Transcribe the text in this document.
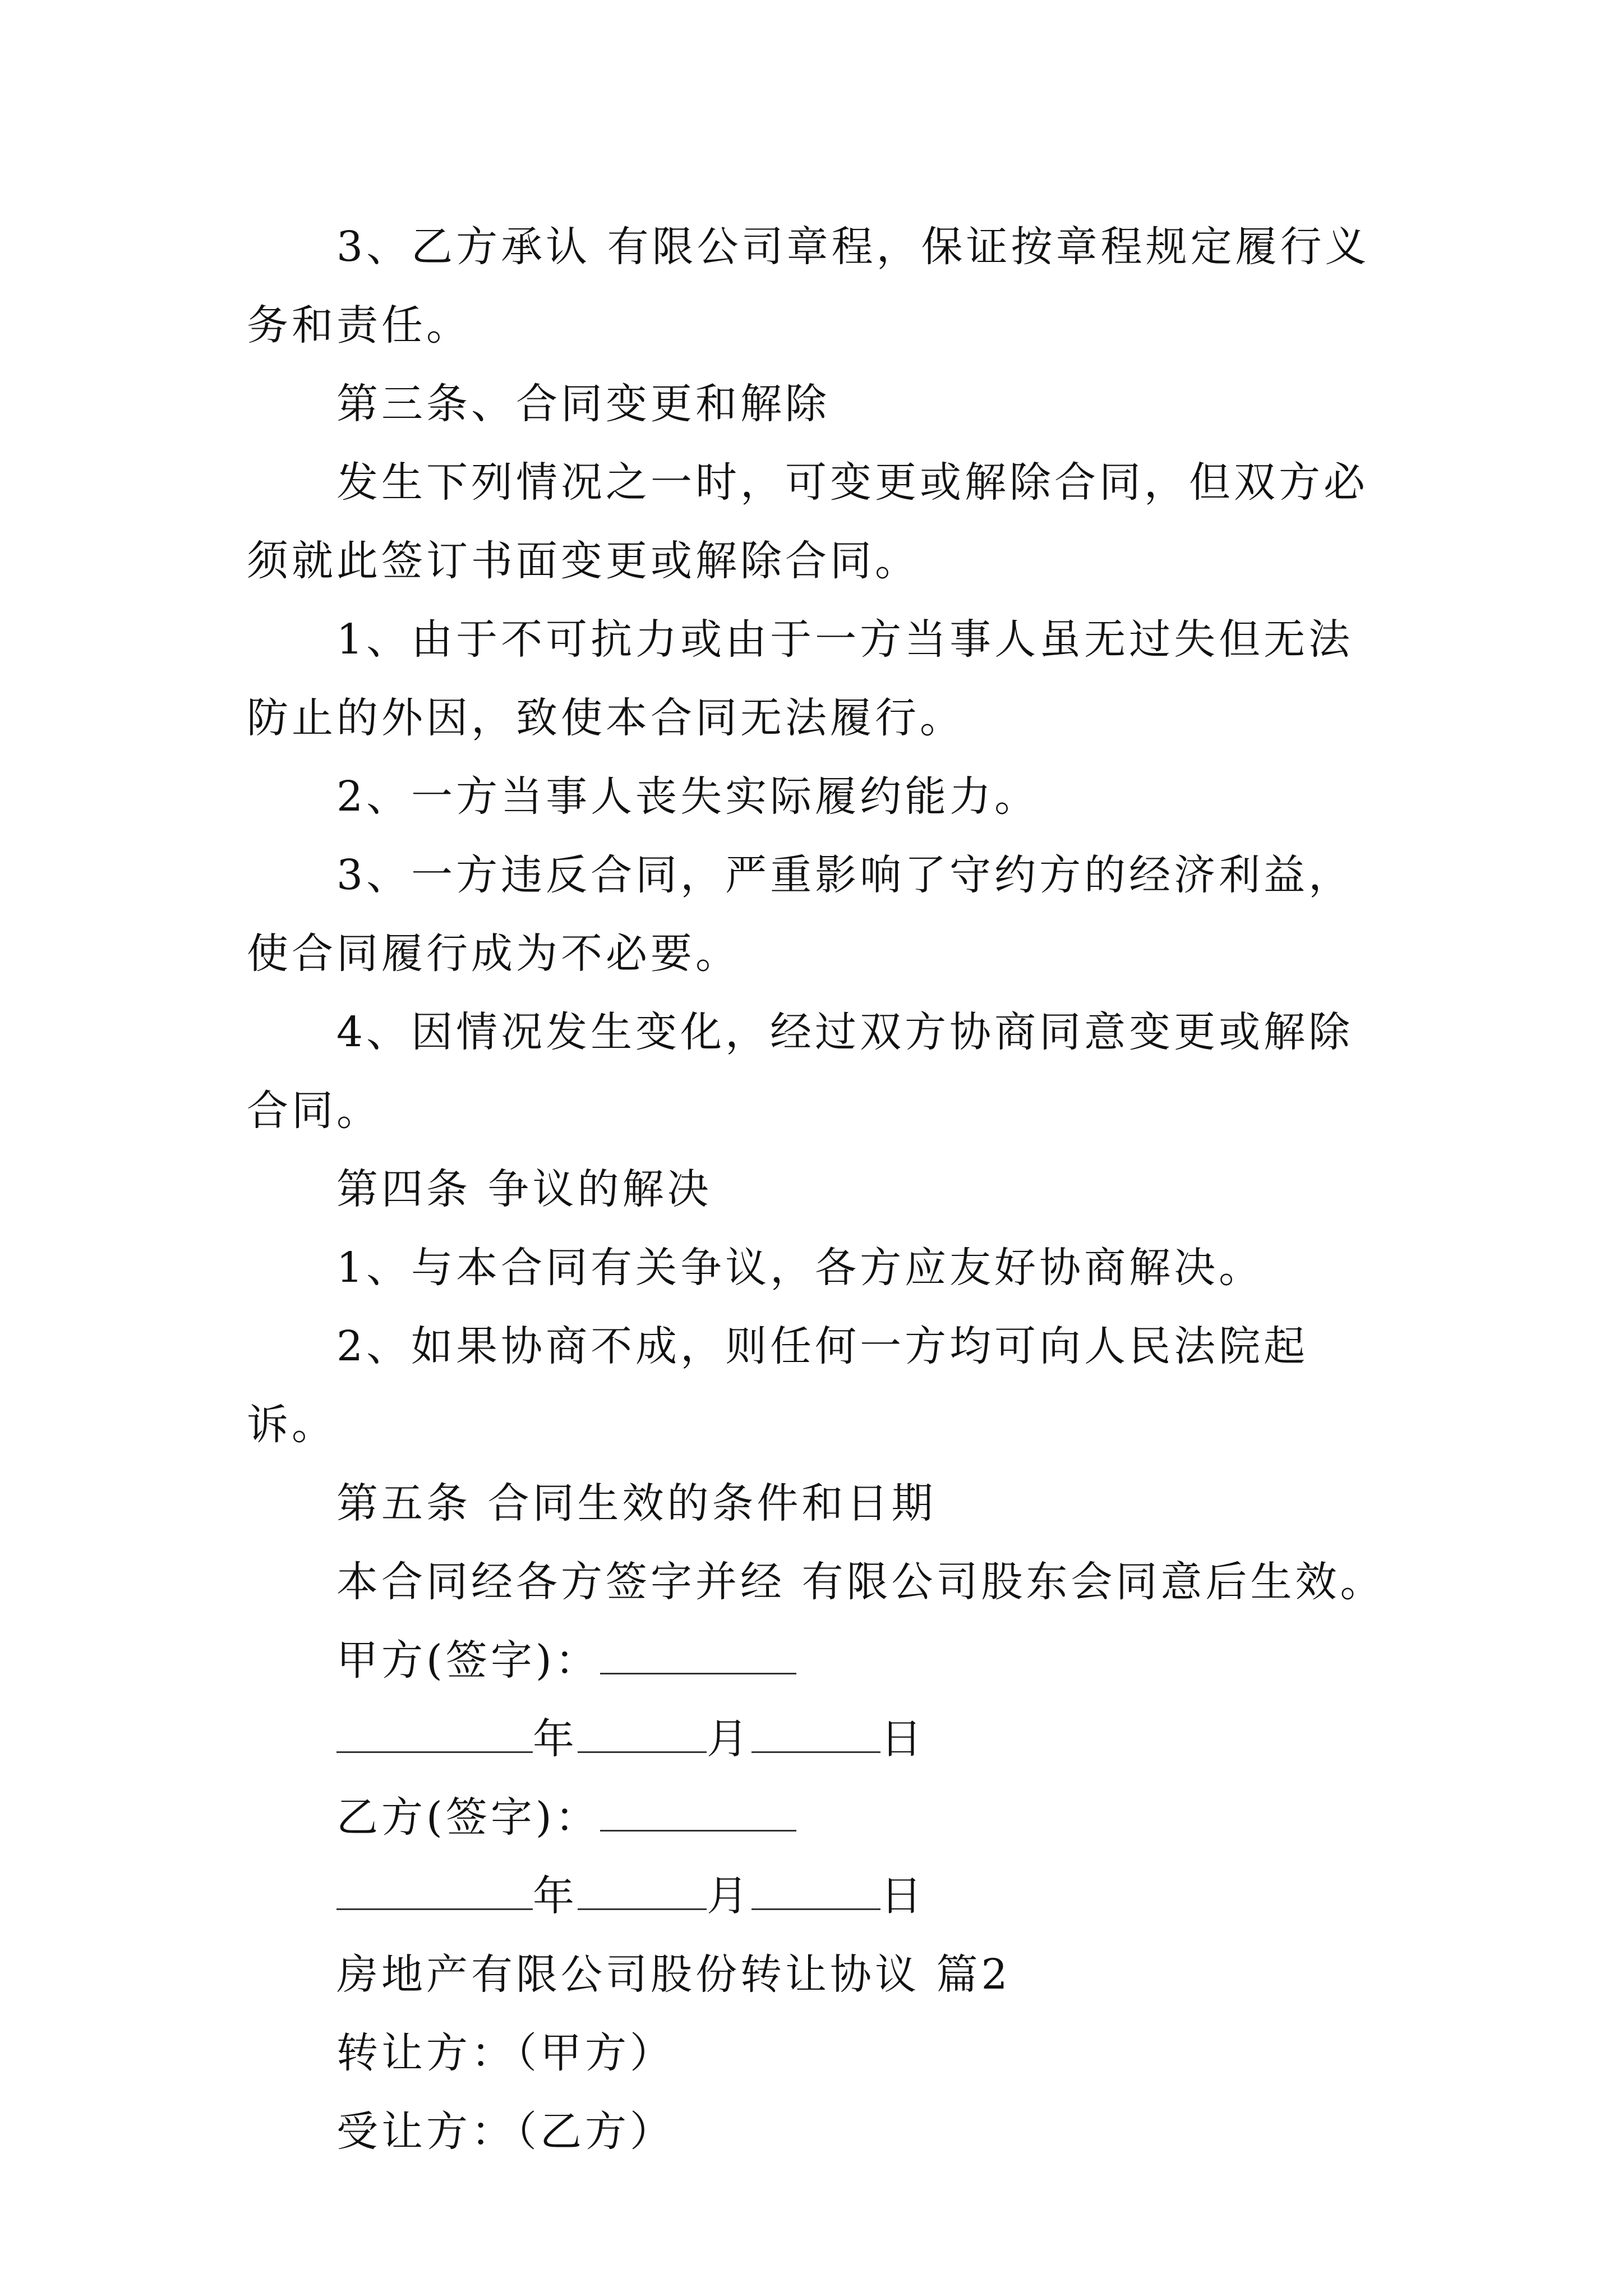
3、乙方承认 有限公司章程，保证按章程规定履行义务和责任。

第三条、合同变更和解除

发生下列情况之一时，可变更或解除合同，但双方必须就此签订书面变更或解除合同。

1、由于不可抗力或由于一方当事人虽无过失但无法防止的外因，致使本合同无法履行。

2、一方当事人丧失实际履约能力。

3、一方违反合同，严重影响了守约方的经济利益，使合同履行成为不必要。

4、因情况发生变化，经过双方协商同意变更或解除合同。

第四条 争议的解决

1、与本合同有关争议，各方应友好协商解决。

2、如果协商不成，则任何一方均可向人民法院起诉。

第五条 合同生效的条件和日期

本合同经各方签字并经 有限公司股东会同意后生效。

甲方(签字)：

年	月	日

乙方(签字)：

年	月	日

房地产有限公司股份转让协议 篇2

转让方：（甲方）

受让方：（乙方）
